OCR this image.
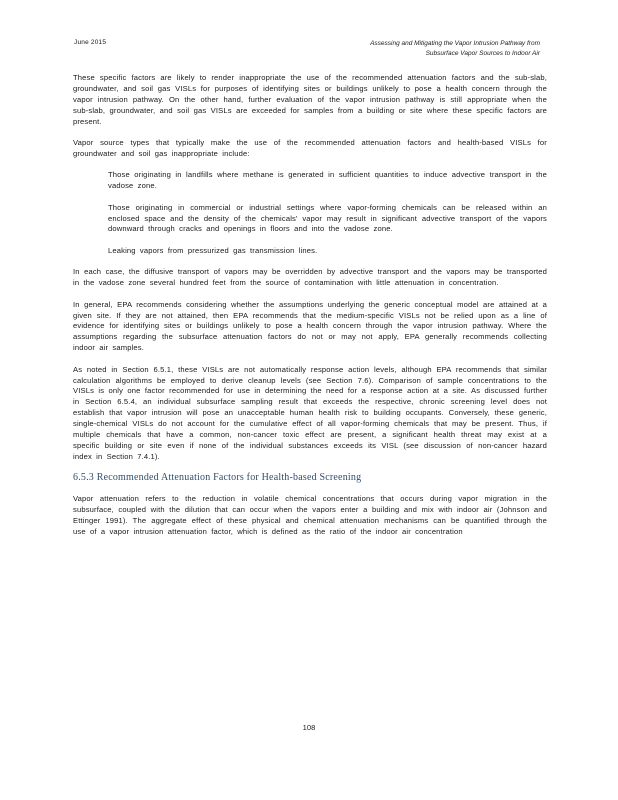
June 2015	Assessing and Mitigating the Vapor Intrusion Pathway from
Subsurface Vapor Sources to Indoor Air

These specific factors are likely to render inappropriate the use of the recommended attenuation factors and the sub-slab, groundwater, and soil gas VISLs for purposes of identifying sites or buildings unlikely to pose a health concern through the vapor intrusion pathway. On the other hand, further evaluation of the vapor intrusion pathway is still appropriate when the sub-slab, groundwater, and soil gas VISLs are exceeded for samples from a building or site where these specific factors are present.

Vapor source types that typically make the use of the recommended attenuation factors and health-based VISLs for groundwater and soil gas inappropriate include:

Those originating in landfills where methane is generated in sufficient quantities to induce advective transport in the vadose zone.
Those originating in commercial or industrial settings where vapor-forming chemicals can be released within an enclosed space and the density of the chemicals' vapor may result in significant advective transport of the vapors downward through cracks and openings in floors and into the vadose zone.
Leaking vapors from pressurized gas transmission lines.

In each case, the diffusive transport of vapors may be overridden by advective transport and the vapors may be transported in the vadose zone several hundred feet from the source of contamination with little attenuation in concentration.

In general, EPA recommends considering whether the assumptions underlying the generic conceptual model are attained at a given site. If they are not attained, then EPA recommends that the medium-specific VISLs not be relied upon as a line of evidence for identifying sites or buildings unlikely to pose a health concern through the vapor intrusion pathway. Where the assumptions regarding the subsurface attenuation factors do not or may not apply, EPA generally recommends collecting indoor air samples.

As noted in Section 6.5.1, these VISLs are not automatically response action levels, although EPA recommends that similar calculation algorithms be employed to derive cleanup levels (see Section 7.6). Comparison of sample concentrations to the VISLs is only one factor recommended for use in determining the need for a response action at a site. As discussed further in Section 6.5.4, an individual subsurface sampling result that exceeds the respective, chronic screening level does not establish that vapor intrusion will pose an unacceptable human health risk to building occupants. Conversely, these generic, single-chemical VISLs do not account for the cumulative effect of all vapor-forming chemicals that may be present. Thus, if multiple chemicals that have a common, non-cancer toxic effect are present, a significant health threat may exist at a specific building or site even if none of the individual substances exceeds its VISL (see discussion of non-cancer hazard index in Section 7.4.1).

6.5.3 Recommended Attenuation Factors for Health-based Screening

Vapor attenuation refers to the reduction in volatile chemical concentrations that occurs during vapor migration in the subsurface, coupled with the dilution that can occur when the vapors enter a building and mix with indoor air (Johnson and Ettinger 1991). The aggregate effect of these physical and chemical attenuation mechanisms can be quantified through the use of a vapor intrusion attenuation factor, which is defined as the ratio of the indoor air concentration

108
